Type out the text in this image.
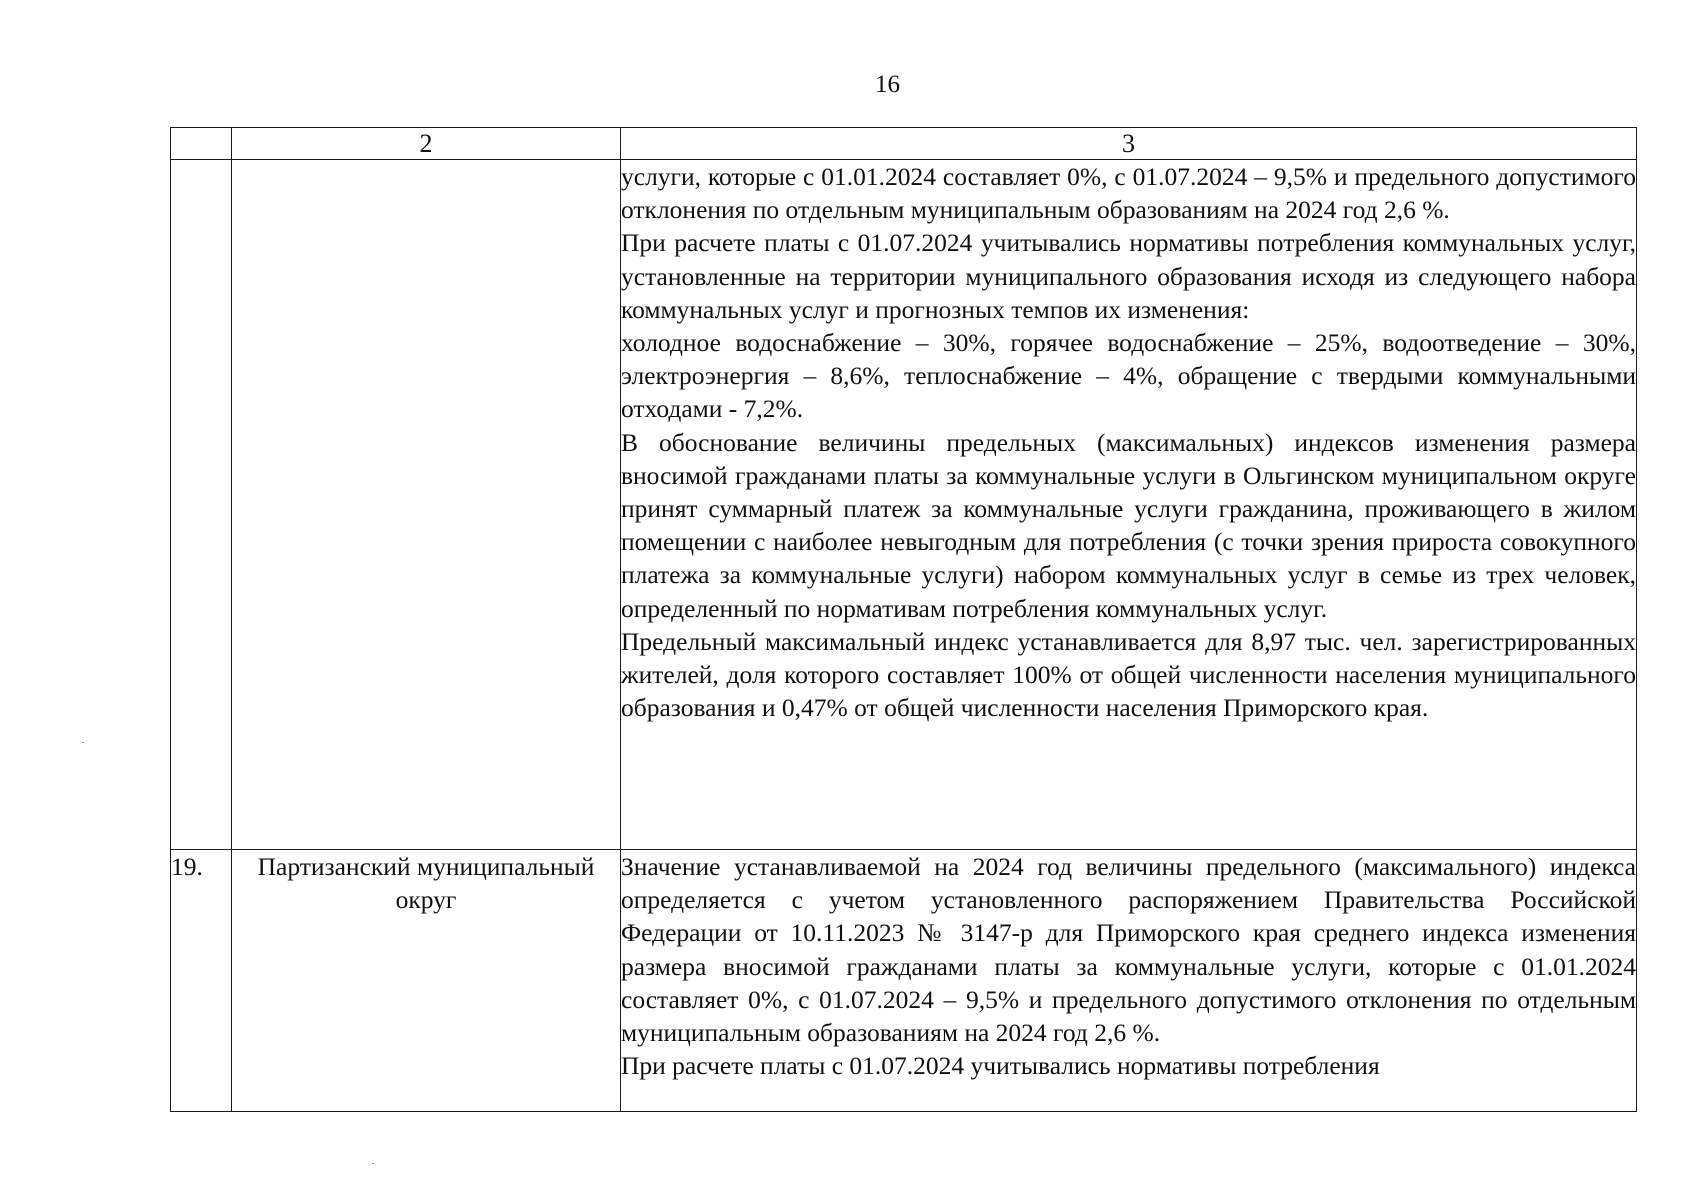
16
	2	3

		услуги, которые с 01.01.2024 составляет 0%, с 01.07.2024 – 9,5% и предельного допустимого отклонения по отдельным муниципальным образованиям на 2024 год 2,6 %.

При расчете платы с 01.07.2024 учитывались нормативы потребления коммунальных услуг, установленные на территории муниципального образования исходя из следующего набора коммунальных услуг и прогнозных темпов их изменения:

холодное водоснабжение – 30%, горячее водоснабжение – 25%, водоотведение – 30%, электроэнергия – 8,6%, теплоснабжение – 4%, обращение с твердыми коммунальными отходами - 7,2%.

В обоснование величины предельных (максимальных) индексов изменения размера вносимой гражданами платы за коммунальные услуги в Ольгинском муниципальном округе принят суммарный платеж за коммунальные услуги гражданина, проживающего в жилом помещении с наиболее невыгодным для потребления (с точки зрения прироста совокупного платежа за коммунальные услуги) набором коммунальных услуг в семье из трех человек, определенный по нормативам потребления коммунальных услуг.

Предельный максимальный индекс устанавливается для 8,97 тыс. чел. зарегистрированных жителей, доля которого составляет 100% от общей численности населения муниципального образования и 0,47% от общей численности населения Приморского края.

19.	Партизанский муниципальный округ	Значение устанавливаемой на 2024 год величины предельного (максимального) индекса определяется с учетом установленного распоряжением Правительства Российской Федерации от 10.11.2023 № 3147-р для Приморского края среднего индекса изменения размера вносимой гражданами платы за коммунальные услуги, которые с 01.01.2024 составляет 0%, с 01.07.2024 – 9,5% и предельного допустимого отклонения по отдельным муниципальным образованиям на 2024 год 2,6 %.

При расчете платы с 01.07.2024 учитывались нормативы потребления
